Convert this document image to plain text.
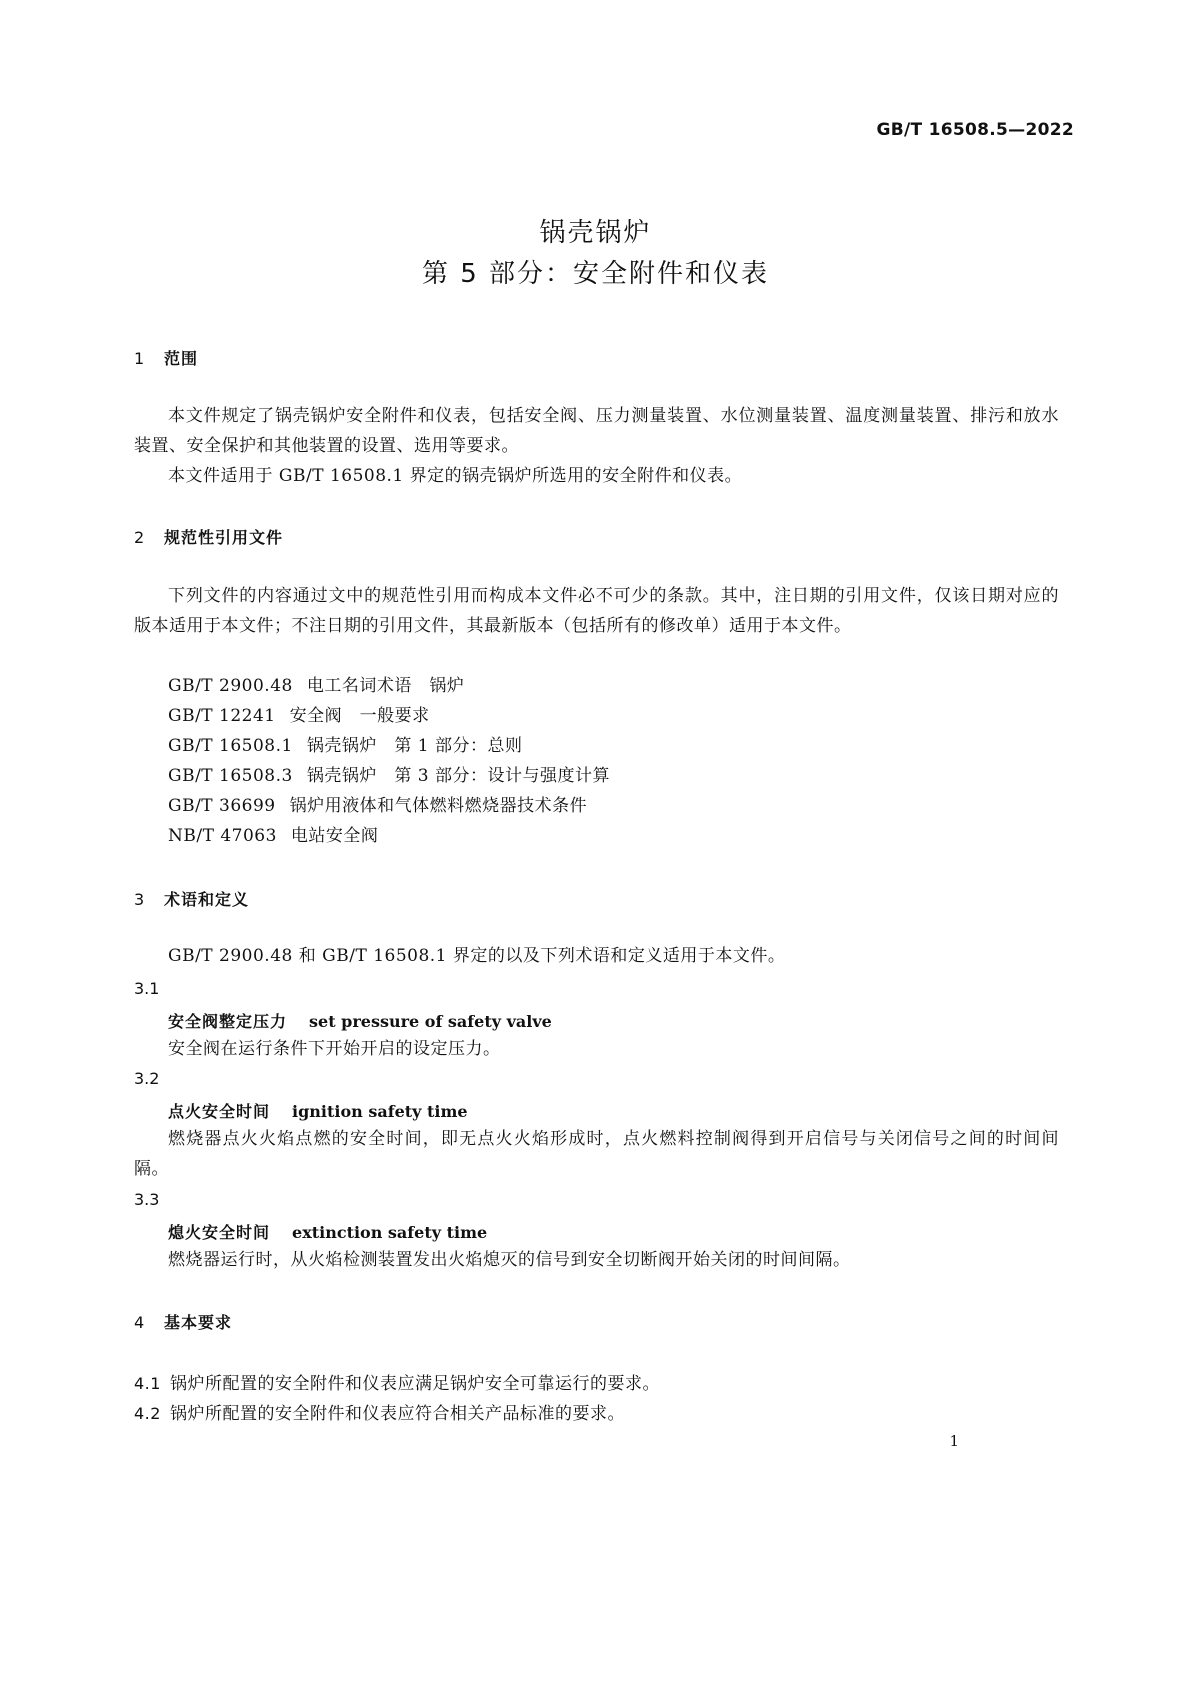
GB/T 16508.5—2022
锅壳锅炉
第 5 部分：安全附件和仪表
1 范围
本文件规定了锅壳锅炉安全附件和仪表，包括安全阀、压力测量装置、水位测量装置、温度测量装置、排污和放水装置、安全保护和其他装置的设置、选用等要求。
本文件适用于 GB/T 16508.1 界定的锅壳锅炉所选用的安全附件和仪表。
2 规范性引用文件
下列文件的内容通过文中的规范性引用而构成本文件必不可少的条款。其中，注日期的引用文件，仅该日期对应的版本适用于本文件；不注日期的引用文件，其最新版本（包括所有的修改单）适用于本文件。
GB/T 2900.48 电工名词术语　锅炉
GB/T 12241 安全阀　一般要求
GB/T 16508.1 锅壳锅炉　第 1 部分：总则
GB/T 16508.3 锅壳锅炉　第 3 部分：设计与强度计算
GB/T 36699 锅炉用液体和气体燃料燃烧器技术条件
NB/T 47063 电站安全阀
3 术语和定义
GB/T 2900.48 和 GB/T 16508.1 界定的以及下列术语和定义适用于本文件。
3.1
安全阀整定压力 set pressure of safety valve
安全阀在运行条件下开始开启的设定压力。
3.2
点火安全时间 ignition safety time
燃烧器点火火焰点燃的安全时间，即无点火火焰形成时，点火燃料控制阀得到开启信号与关闭信号之间的时间间隔。
3.3
熄火安全时间 extinction safety time
燃烧器运行时，从火焰检测装置发出火焰熄灭的信号到安全切断阀开始关闭的时间间隔。
4 基本要求
4.1 锅炉所配置的安全附件和仪表应满足锅炉安全可靠运行的要求。
4.2 锅炉所配置的安全附件和仪表应符合相关产品标准的要求。
1
